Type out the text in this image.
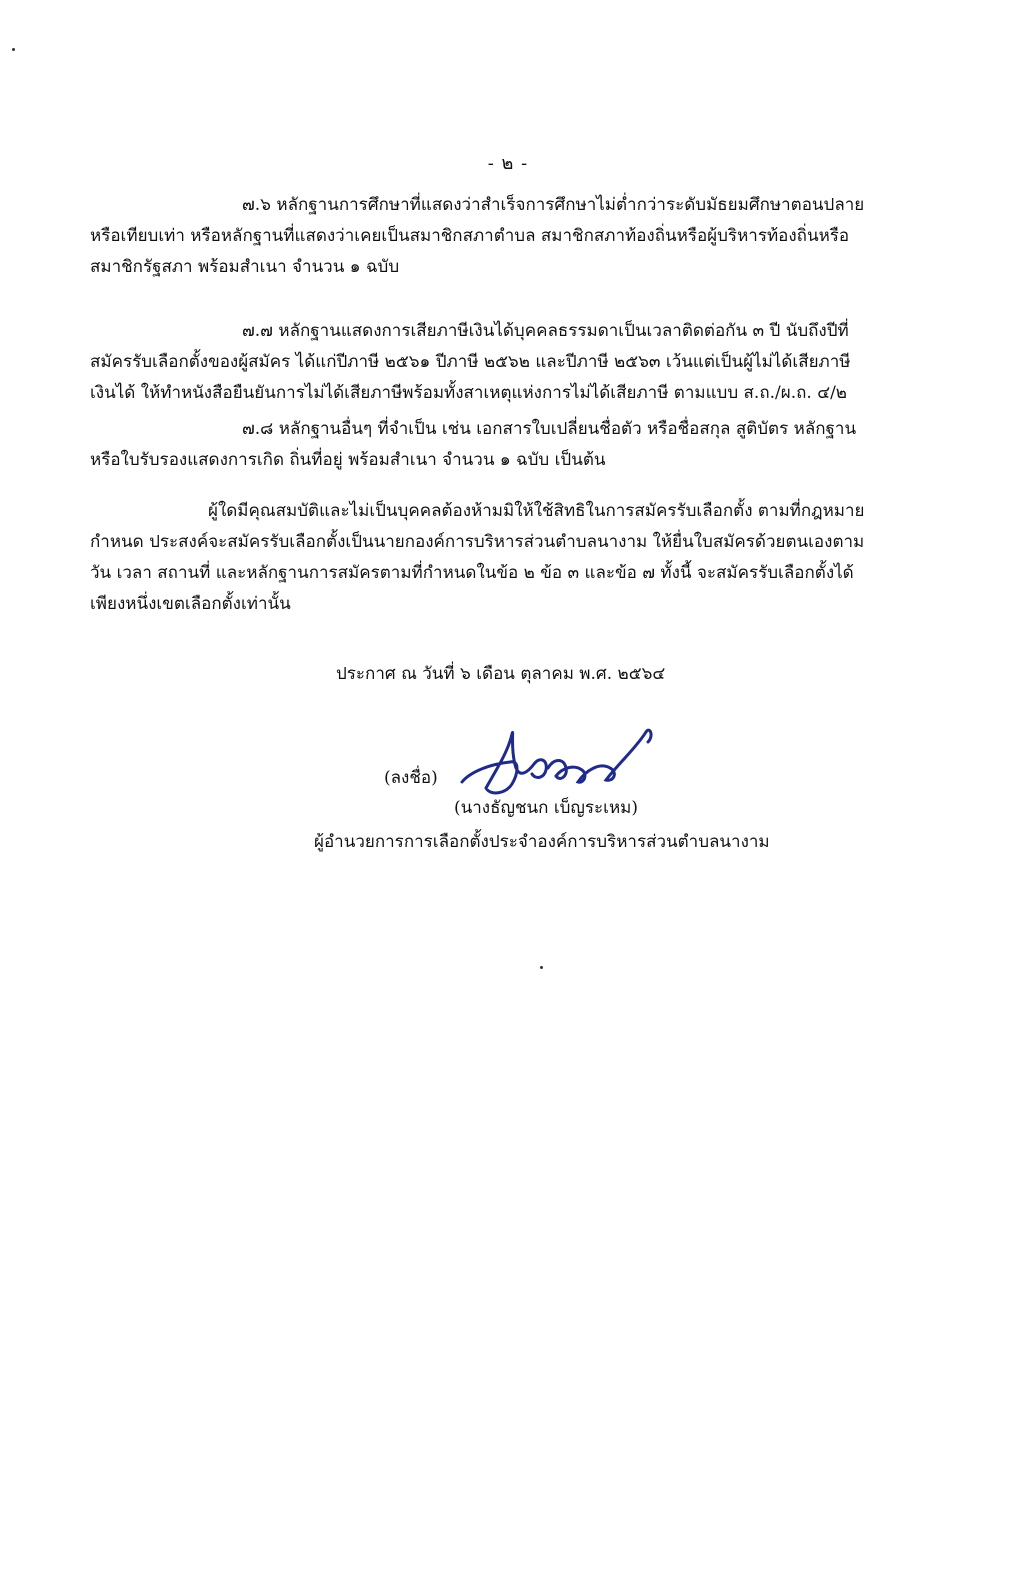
- ๒ -
๗.๖ หลักฐานการศึกษาที่แสดงว่าสำเร็จการศึกษาไม่ต่ำกว่าระดับมัธยมศึกษาตอนปลาย
หรือเทียบเท่า หรือหลักฐานที่แสดงว่าเคยเป็นสมาชิกสภาตำบล สมาชิกสภาท้องถิ่นหรือผู้บริหารท้องถิ่นหรือ
สมาชิกรัฐสภา พร้อมสำเนา จำนวน ๑ ฉบับ
๗.๗ หลักฐานแสดงการเสียภาษีเงินได้บุคคลธรรมดาเป็นเวลาติดต่อกัน ๓ ปี นับถึงปีที่
สมัครรับเลือกตั้งของผู้สมัคร ได้แก่ปีภาษี ๒๕๖๑ ปีภาษี ๒๕๖๒ และปีภาษี ๒๕๖๓ เว้นแต่เป็นผู้ไม่ได้เสียภาษี
เงินได้ ให้ทำหนังสือยืนยันการไม่ได้เสียภาษีพร้อมทั้งสาเหตุแห่งการไม่ได้เสียภาษี ตามแบบ ส.ถ./ผ.ถ. ๔/๒
๗.๘ หลักฐานอื่นๆ ที่จำเป็น เช่น เอกสารใบเปลี่ยนชื่อตัว หรือชื่อสกุล สูติบัตร หลักฐาน
หรือใบรับรองแสดงการเกิด ถิ่นที่อยู่ พร้อมสำเนา จำนวน ๑ ฉบับ เป็นต้น
ผู้ใดมีคุณสมบัติและไม่เป็นบุคคลต้องห้ามมิให้ใช้สิทธิในการสมัครรับเลือกตั้ง ตามที่กฎหมาย
กำหนด ประสงค์จะสมัครรับเลือกตั้งเป็นนายกองค์การบริหารส่วนตำบลนางาม ให้ยื่นใบสมัครด้วยตนเองตาม
วัน เวลา สถานที่ และหลักฐานการสมัครตามที่กำหนดในข้อ ๒ ข้อ ๓ และข้อ ๗ ทั้งนี้ จะสมัครรับเลือกตั้งได้
เพียงหนึ่งเขตเลือกตั้งเท่านั้น
ประกาศ ณ วันที่ ๖ เดือน ตุลาคม พ.ศ. ๒๕๖๔
(ลงชื่อ)
(นางธัญชนก เบ็ญระเหม)
ผู้อำนวยการการเลือกตั้งประจำองค์การบริหารส่วนตำบลนางาม
